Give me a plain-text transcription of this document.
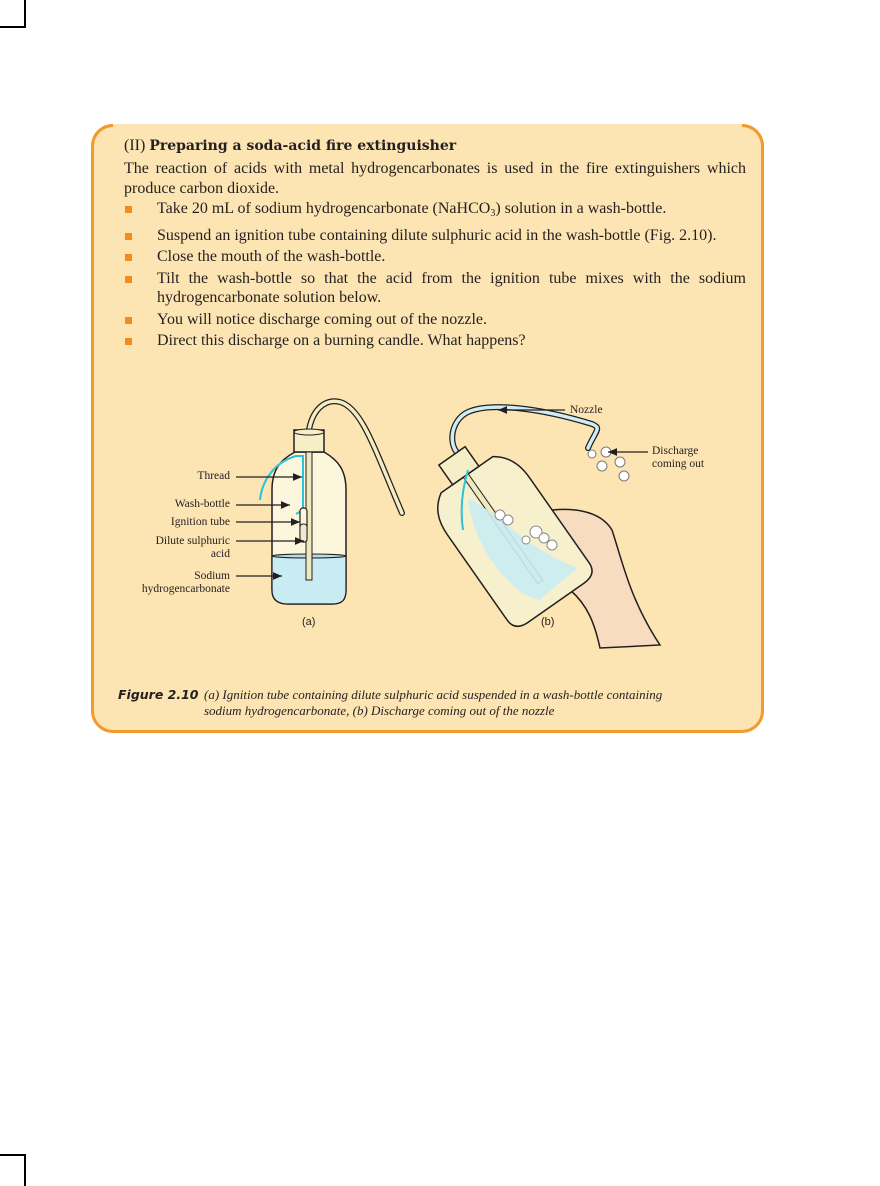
(II) Preparing a soda-acid fire extinguisher
The reaction of acids with metal hydrogencarbonates is used in the fire extinguishers which produce carbon dioxide.
Take 20 mL of sodium hydrogencarbonate (NaHCO$_3$) solution in a wash-bottle.
Suspend an ignition tube containing dilute sulphuric acid in the wash-bottle (Fig. 2.10).
Close the mouth of the wash-bottle.
Tilt the wash-bottle so that the acid from the ignition tube mixes with the sodium hydrogencarbonate solution below.
You will notice discharge coming out of the nozzle.
Direct this discharge on a burning candle. What happens?
Thread
Wash-bottle
Ignition tube
Dilute sulphuric
acid
Sodium
hydrogencarbonate
(a)
Nozzle
Discharge
coming out
(b)
Figure 2.10 (a) Ignition tube containing dilute sulphuric acid suspended in a wash-bottle containing
sodium hydrogencarbonate, (b) Discharge coming out of the nozzle
